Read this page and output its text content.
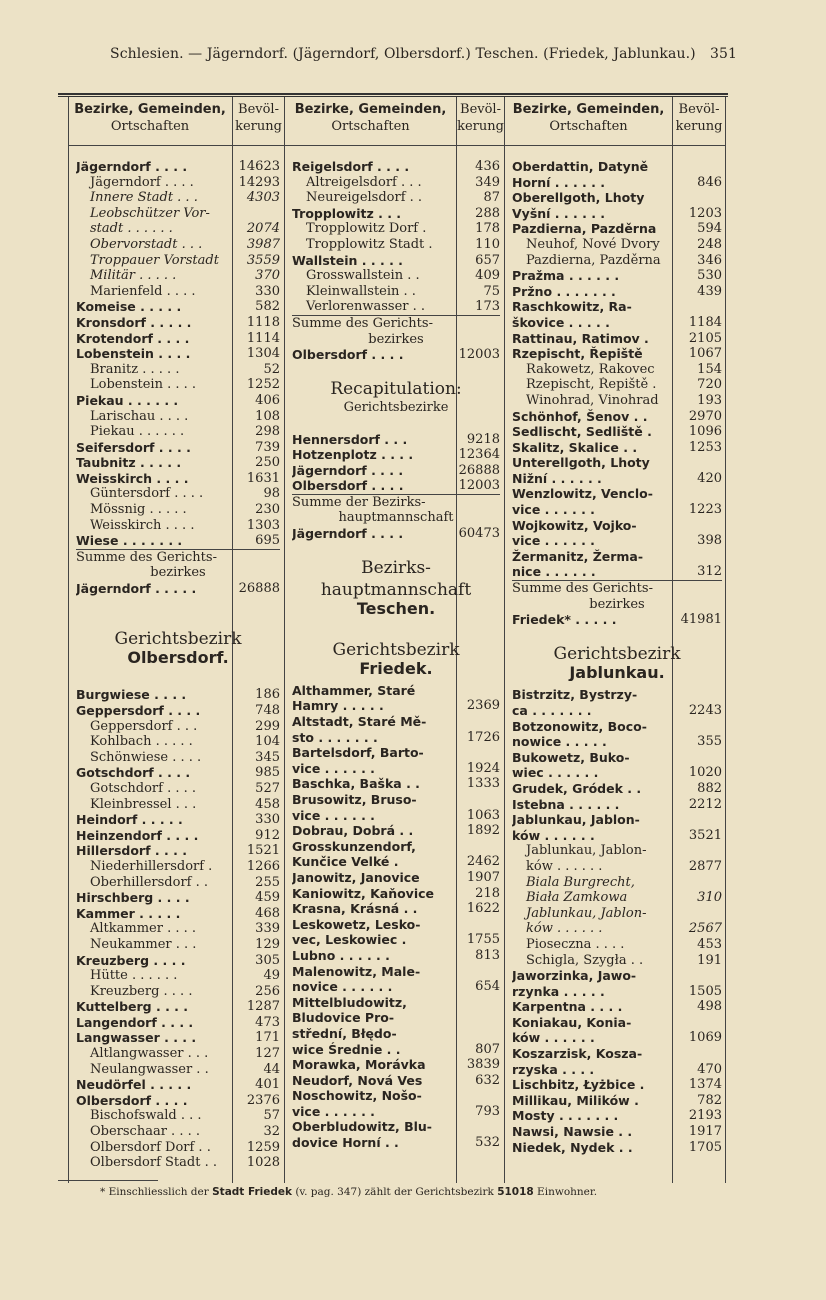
Schlesien. — Jägerndorf. (Jägerndorf, Olbersdorf.) Teschen. (Friedek, Jablunkau.) 351
Bezirke, Gemeinden,
Ortschaften
Bevöl-
kerung
Bezirke, Gemeinden,
Ortschaften
Bevöl-
kerung
Bezirke, Gemeinden,
Ortschaften
Bevöl-
kerung
Jägerndorf . . . .	14623
Jägerndorf . . . .	14293
Innere Stadt . . .	4303
Leobschützer Vor-
stadt . . . . . .	2074
Obervorstadt . . .	3987
Troppauer Vorstadt	3559
Militär . . . . .	370
Marienfeld . . . .	330
Komeise . . . . .	582
Kronsdorf . . . . .	1118
Krotendorf . . . .	1114
Lobenstein . . . .	1304
Branitz . . . . .	52
Lobenstein . . . .	1252
Piekau . . . . . .	406
Larischau . . . .	108
Piekau . . . . . .	298
Seifersdorf . . . .	739
Taubnitz . . . . .	250
Weisskirch . . . .	1631
Güntersdorf . . . .	98
Mössnig . . . . .	230
Weisskirch . . . .	1303
Wiese . . . . . . .	695
Summe des Gerichts-
bezirkes
Jägerndorf . . . . .	26888
Gerichtsbezirk
Olbersdorf.
Burgwiese . . . .	186
Geppersdorf . . . .	748
Geppersdorf . . .	299
Kohlbach . . . . .	104
Schönwiese . . . .	345
Gotschdorf . . . .	985
Gotschdorf . . . .	527
Kleinbressel . . .	458
Heindorf . . . . .	330
Heinzendorf . . . .	912
Hillersdorf . . . .	1521
Niederhillersdorf .	1266
Oberhillersdorf . .	255
Hirschberg . . . .	459
Kammer . . . . .	468
Altkammer . . . .	339
Neukammer . . .	129
Kreuzberg . . . .	305
Hütte . . . . . .	49
Kreuzberg . . . .	256
Kuttelberg . . . .	1287
Langendorf . . . .	473
Langwasser . . . .	171
Altlangwasser . . .	127
Neulangwasser . .	44
Neudörfel . . . . .	401
Olbersdorf . . . .	2376
Bischofswald . . .	57
Oberschaar . . . .	32
Olbersdorf Dorf . .	1259
Olbersdorf Stadt . .	1028
Reigelsdorf . . . .	436
Altreigelsdorf . . .	349
Neureigelsdorf . .	87
Tropplowitz . . .	288
Tropplowitz Dorf .	178
Tropplowitz Stadt .	110
Wallstein . . . . .	657
Grosswallstein . .	409
Kleinwallstein . .	75
Verlorenwasser . .	173
Summe des Gerichts-
bezirkes
Olbersdorf . . . .	12003
Recapitulation:
Gerichtsbezirke
Hennersdorf . . .	9218
Hotzenplotz . . . .	12364
Jägerndorf . . . .	26888
Olbersdorf . . . .	12003
Summe der Bezirks-
hauptmannschaft
Jägerndorf . . . .	60473
Bezirks-
hauptmannschaft
Teschen.
Gerichtsbezirk
Friedek.
Althammer, Staré
Hamry . . . . .	2369
Altstadt, Staré Mě-
sto . . . . . . .	1726
Bartelsdorf, Barto-
vice . . . . . .	1924
Baschka, Baška . .	1333
Brusowitz, Bruso-
vice . . . . . .	1063
Dobrau, Dobrá . .	1892
Grosskunzendorf,
Kunčice Velké .	2462
Janowitz, Janovice	1907
Kaniowitz, Kaňovice	218
Krasna, Krásná . .	1622
Leskowetz, Lesko-
vec, Leskowiec .	1755
Lubno . . . . . .	813
Malenowitz, Male-
novice . . . . . .	654
Mittelbludowitz,
Bludovice Pro-
střední, Błędo-
wice Średnie . .	807
Morawka, Morávka	3839
Neudorf, Nová Ves	632
Noschowitz, Nošo-
vice . . . . . .	793
Oberbludowitz, Blu-
dovice Horní . .	532
Oberdattin, Datyně
Horní . . . . . .	846
Oberellgoth, Lhoty
Vyšní . . . . . .	1203
Pazdierna, Pazděrna	594
Neuhof, Nové Dvory	248
Pazdierna, Pazděrna	346
Pražma . . . . . .	530
Pržno . . . . . . .	439
Raschkowitz, Ra-
škovice . . . . .	1184
Rattinau, Ratimov .	2105
Rzepischt, Řepiště	1067
Rakowetz, Rakovec	154
Rzepischt, Řepiště .	720
Winohrad, Vinohrad	193
Schönhof, Šenov . .	2970
Sedlischt, Sedliště .	1096
Skalitz, Skalice . .	1253
Unterellgoth, Lhoty
Nižní . . . . . .	420
Wenzlowitz, Venclo-
vice . . . . . .	1223
Wojkowitz, Vojko-
vice . . . . . .	398
Žermanitz, Žerma-
nice . . . . . .	312
Summe des Gerichts-
bezirkes
Friedek* . . . . .	41981
Gerichtsbezirk
Jablunkau.
Bistrzitz, Bystrzy-
ca . . . . . . .	2243
Botzonowitz, Boco-
nowice . . . . .	355
Bukowetz, Buko-
wiec . . . . . .	1020
Grudek, Gródek . .	882
Istebna . . . . . .	2212
Jablunkau, Jablon-
ków . . . . . .	3521
Jablunkau, Jablon-
ków . . . . . .	2877
Biala Burgrecht,
Biała Zamkowa	310
Jablunkau, Jablon-
ków . . . . . .	2567
Pioseczna . . . .	453
Schigla, Szygła . .	191
Jaworzinka, Jawo-
rzynka . . . . .	1505
Karpentna . . . .	498
Koniakau, Konia-
ków . . . . . .	1069
Koszarzisk, Kosza-
rzyska . . . .	470
Lischbitz, Łyżbice .	1374
Millikau, Milików .	782
Mosty . . . . . . .	2193
Nawsi, Nawsie . .	1917
Niedek, Nydek . .	1705
* Einschliesslich der Stadt Friedek (v. pag. 347) zählt der Gerichtsbezirk 51018 Einwohner.
